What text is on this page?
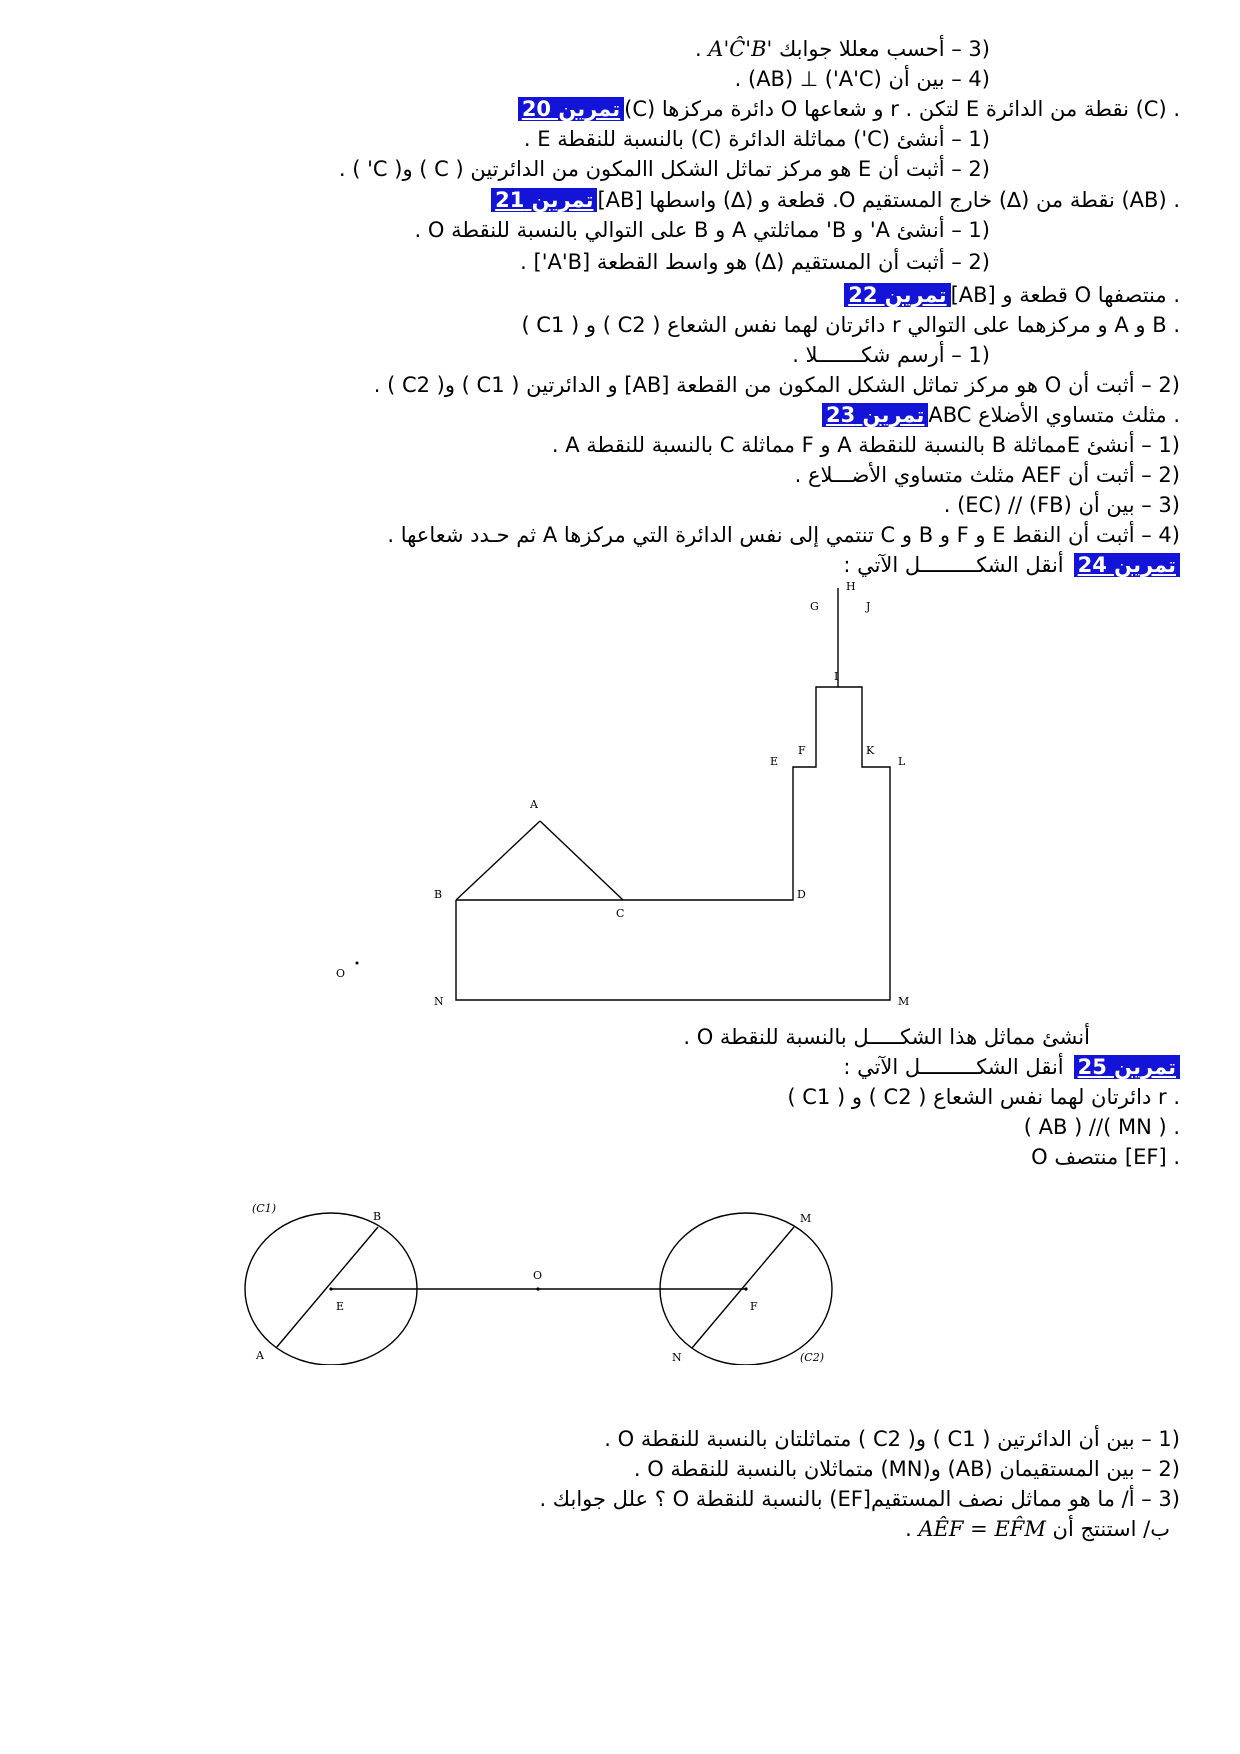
(3 – أحسب معللا جوابك A'Ĉ'B' .
(4 – بين أن (A'C') ⊥ (AB) .
تمرين 20 (C) دائرة مركزها O و شعاعها r . لتكن E نقطة من الدائرة (C) .
(1 – أنشئ (C') مماثلة الدائرة (C) بالنسبة للنقطة E .
(2 – أثبت أن E هو مركز تماثل الشكل االمكون من الدائرتين ( C ) و( C' ) .
تمرين 21 [AB] قطعة و (∆) واسطها .O نقطة من (∆) خارج المستقيم (AB) .
(1 – أنشئ A' و B' مماثلتي A و B على التوالي بالنسبة للنقطة O .
(2 – أثبت أن المستقيم (∆) هو واسط القطعة [A'B'] .
تمرين 22 [AB] قطعة و O منتصفها .
( C1 ) و ( C2 ) دائرتان لهما نفس الشعاع r و مركزهما على التوالي A و B .
(1 – أرسم شكـــــــلا .
(2 – أثبت أن O هو مركز تماثل الشكل المكون من القطعة [AB] و الدائرتين ( C1 ) و( C2 ) .
تمرين 23 ABC مثلث متساوي الأضلاع .
(1 – أنشئ Eمماثلة B بالنسبة للنقطة A و F مماثلة C بالنسبة للنقطة A .
(2 – أثبت أن AEF مثلث متساوي الأضـــلاع .
(3 – بين أن (FB) // (EC) .
(4 – أثبت أن النقط E و F و B و C تنتمي إلى نفس الدائرة التي مركزها A ثم حـدد شعاعها .
تمرين 24أنقل الشكـــــــــل الآتي :
A
B
C
D
E
F
G
H
I
J
K
L
M
N
O
أنشئ مماثل هذا الشكـــــل بالنسبة للنقطة O .
تمرين 25أنقل الشكـــــــــل الآتي :
( C1 ) و ( C2 ) دائرتان لهما نفس الشعاع r .
( AB ) //( MN ) .
O منتصف [EF] .
(C1)
B
A
E
O
F
M
N	(C2)
(1 – بين أن الدائرتين ( C1 ) و( C2 ) متماثلتان بالنسبة للنقطة O .
(2 – بين المستقيمان (AB) و(MN) متماثلان بالنسبة للنقطة O .
(3 – أ/ ما هو مماثل نصف المستقيم[EF) بالنسبة للنقطة O ؟ علل جوابك .
ب/ استنتج أن AÊF = EF̂M .
